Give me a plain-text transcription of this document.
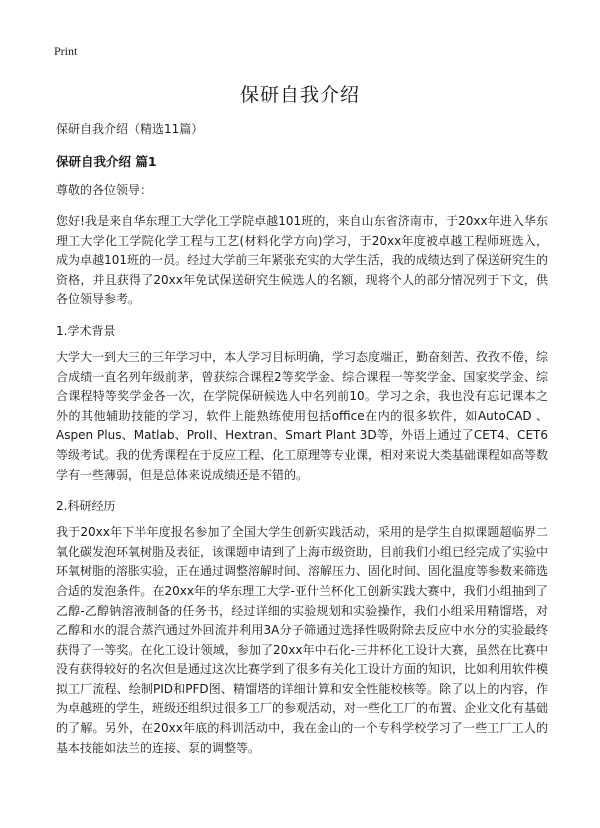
Print
保研自我介绍

保研自我介绍（精选11篇）

保研自我介绍 篇1

尊敬的各位领导：

您好!我是来自华东理工大学化工学院卓越101班的，来自山东省济南市，于20xx年进入华东理工大学化工学院化学工程与工艺(材料化学方向)学习，于20xx年度被卓越工程师班选入，成为卓越101班的一员。经过大学前三年紧张充实的大学生活，我的成绩达到了保送研究生的资格，并且获得了20xx年免试保送研究生候选人的名额，现将个人的部分情况列于下文，供各位领导参考。

1.学术背景

大学大一到大三的三年学习中，本人学习目标明确，学习态度端正，勤奋刻苦、孜孜不倦，综合成绩一直名列年级前茅，曾获综合课程2等奖学金、综合课程一等奖学金、国家奖学金、综合课程特等奖学金各一次，在学院保研候选人中名列前10。学习之余，我也没有忘记课本之外的其他辅助技能的学习，软件上能熟练使用包括office在内的很多软件，如AutoCAD 、Aspen Plus、Matlab、ProII、Hextran、Smart Plant 3D等，外语上通过了CET4、CET6等级考试。我的优秀课程在于反应工程、化工原理等专业课，相对来说大类基础课程如高等数学有一些薄弱，但是总体来说成绩还是不错的。

2.科研经历

我于20xx年下半年度报名参加了全国大学生创新实践活动，采用的是学生自拟课题超临界二氧化碳发泡环氧树脂及表征，该课题申请到了上海市级资助，目前我们小组已经完成了实验中环氧树脂的溶胀实验，正在通过调整溶解时间、溶解压力、固化时间、固化温度等参数来筛选合适的发泡条件。在20xx年的华东理工大学-亚什兰杯化工创新实践大赛中，我们小组抽到了乙醇-乙醇钠溶液制备的任务书，经过详细的实验规划和实验操作，我们小组采用精馏塔，对乙醇和水的混合蒸汽通过外回流并利用3A分子筛通过选择性吸附除去反应中水分的实验最终获得了一等奖。在化工设计领域，参加了20xx年中石化-三井杯化工设计大赛，虽然在比赛中没有获得较好的名次但是通过这次比赛学到了很多有关化工设计方面的知识，比如利用软件模拟工厂流程、绘制PID和PFD图、精馏塔的详细计算和安全性能校核等。除了以上的内容，作为卓越班的学生，班级还组织过很多工厂的参观活动，对一些化工厂的布置、企业文化有基础的了解。另外，在20xx年底的科训活动中，我在金山的一个专科学校学习了一些工厂工人的基本技能如法兰的连接、泵的调整等。
